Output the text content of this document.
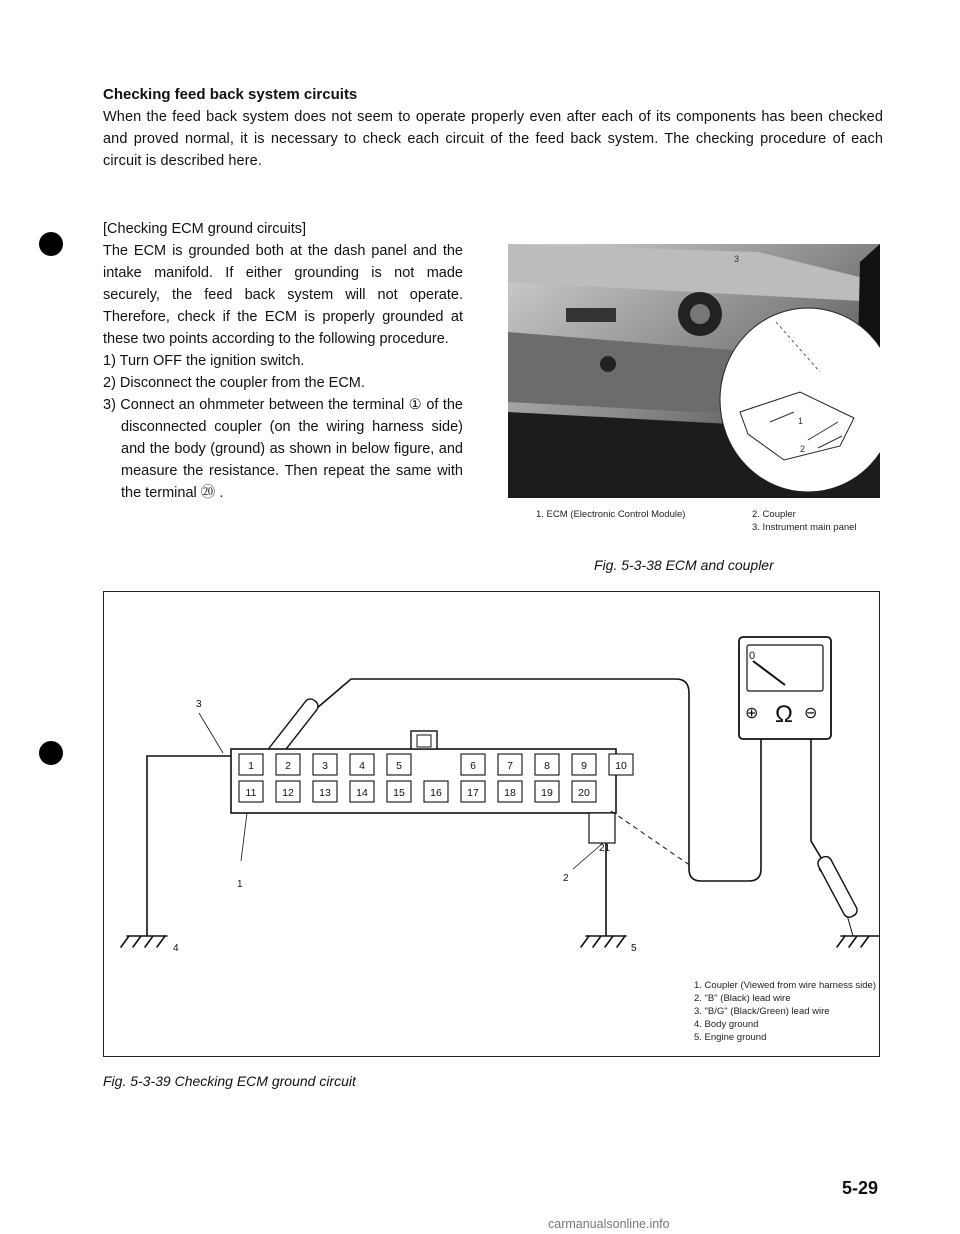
Checking feed back system circuits
When the feed back system does not seem to operate properly even after each of its components has been checked and proved normal, it is necessary to check each circuit of the feed back system. The checking procedure of each circuit is described here.

[Checking ECM ground circuits]

The ECM is grounded both at the dash panel and the intake manifold. If either grounding is not made securely, the feed back system will not operate. Therefore, check if the ECM is properly grounded at these two points according to the following procedure.

1) Turn OFF the ignition switch.

2) Disconnect the coupler from the ECM.

3) Connect an ohmmeter between the terminal ① of the disconnected coupler (on the wiring harness side) and the body (ground) as shown in below figure, and measure the resistance. Then repeat the same with the terminal ⑳ .

1
2
3
1. ECM (Electronic Control Module)	2. Coupler
3. Instrument main panel
Fig. 5-3-38 ECM and coupler
1	2	3	4	5	6	7	8	9	10
11 12 13 14 15 16 17 18 19 20
21
0
Ω
⊕	⊖
3
1
2
4	5
1. Coupler (Viewed from wire harness side)
2. "B" (Black) lead wire
3. "B/G" (Black/Green) lead wire
4. Body ground
5. Engine ground
Fig. 5-3-39 Checking ECM ground circuit
5-29
carmanualsonline.info
